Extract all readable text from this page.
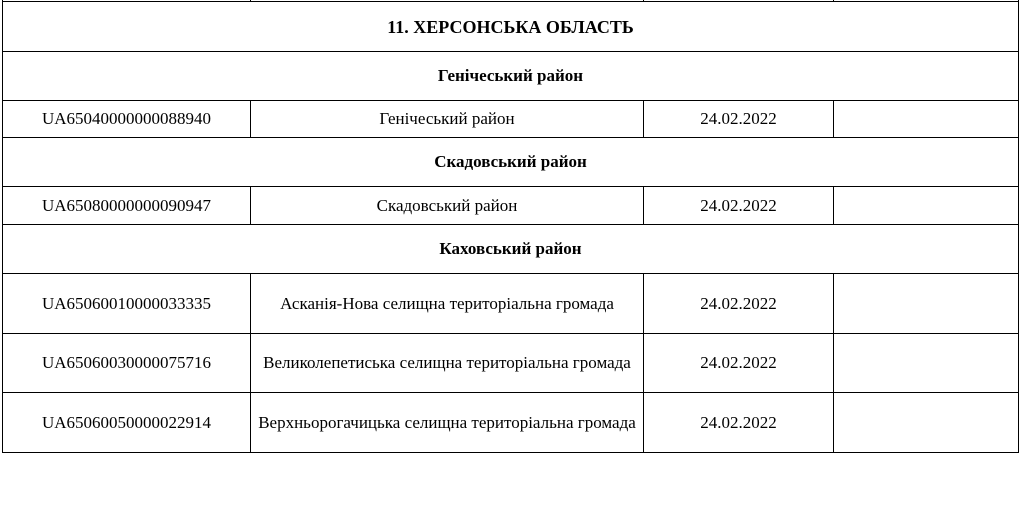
11. ХЕРСОНСЬКА ОБЛАСТЬ			
Генічеський район			
UA65040000000088940	Генічеський район	24.02.2022	
Скадовський район			
UA65080000000090947	Скадовський район	24.02.2022	
Каховський район			
UA65060010000033335	Асканія-Нова селищна територіальна громада	24.02.2022	
UA65060030000075716	Великолепетиська селищна територіальна громада	24.02.2022	
UA65060050000022914	Верхньорогачицька селищна територіальна громада	24.02.2022	
